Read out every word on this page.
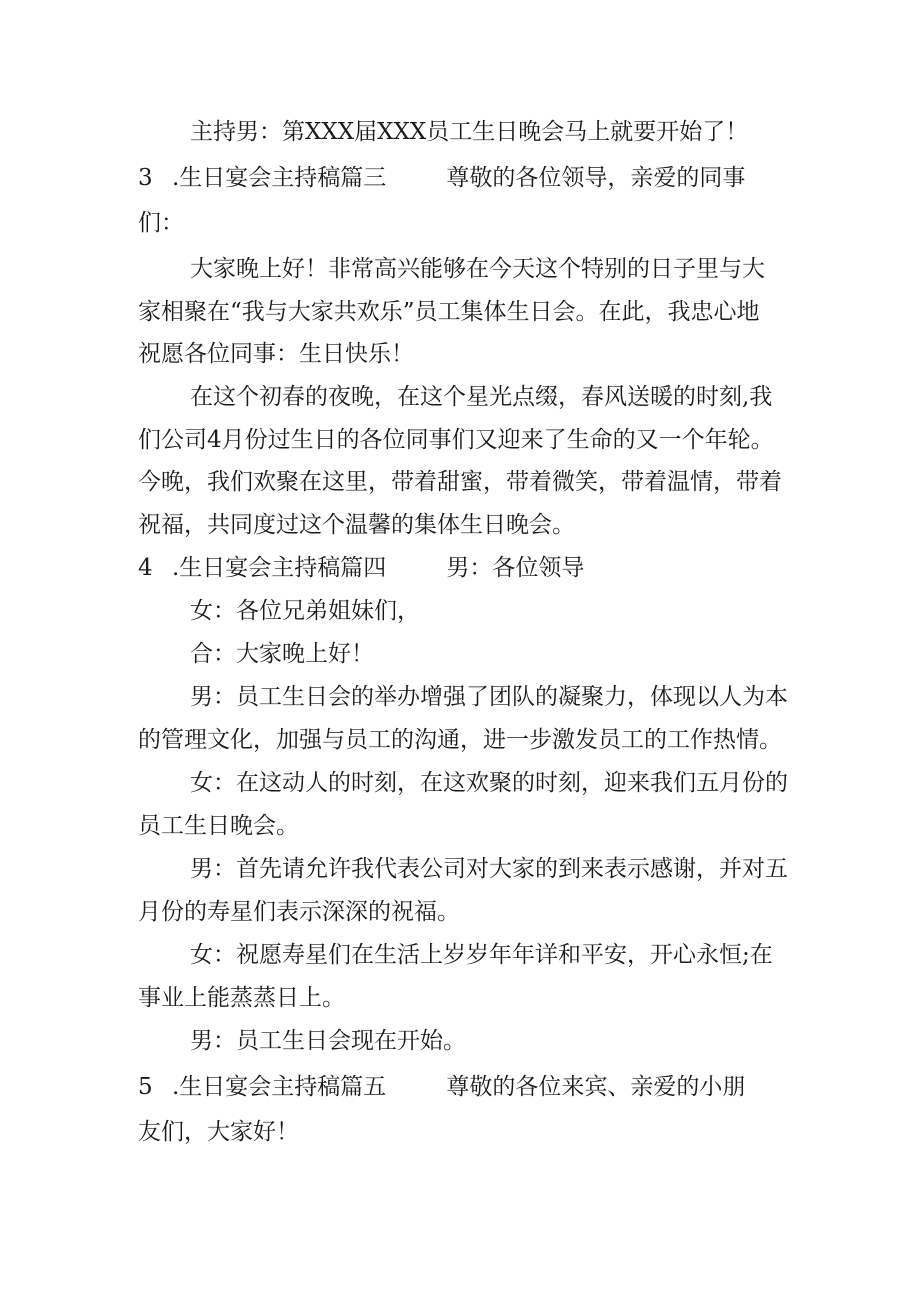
主持男：第XXX届XXX员工生日晚会马上就要开始了！
3 .生日宴会主持稿篇三	尊敬的各位领导，亲爱的同事
们：
大家晚上好！非常高兴能够在今天这个特别的日子里与大
家相聚在“我与大家共欢乐”员工集体生日会。在此，我忠心地
祝愿各位同事：生日快乐！
在这个初春的夜晚，在这个星光点缀，春风送暖的时刻,我
们公司4月份过生日的各位同事们又迎来了生命的又一个年轮。
今晚，我们欢聚在这里，带着甜蜜，带着微笑，带着温情，带着
祝福，共同度过这个温馨的集体生日晚会。
4 .生日宴会主持稿篇四	男：各位领导
女：各位兄弟姐妹们，
合：大家晚上好！
男：员工生日会的举办增强了团队的凝聚力，体现以人为本
的管理文化，加强与员工的沟通，进一步激发员工的工作热情。
女：在这动人的时刻，在这欢聚的时刻，迎来我们五月份的
员工生日晚会。
男：首先请允许我代表公司对大家的到来表示感谢，并对五
月份的寿星们表示深深的祝福。
女：祝愿寿星们在生活上岁岁年年详和平安，开心永恒;在
事业上能蒸蒸日上。
男：员工生日会现在开始。
5 .生日宴会主持稿篇五	尊敬的各位来宾、亲爱的小朋
友们，大家好！
